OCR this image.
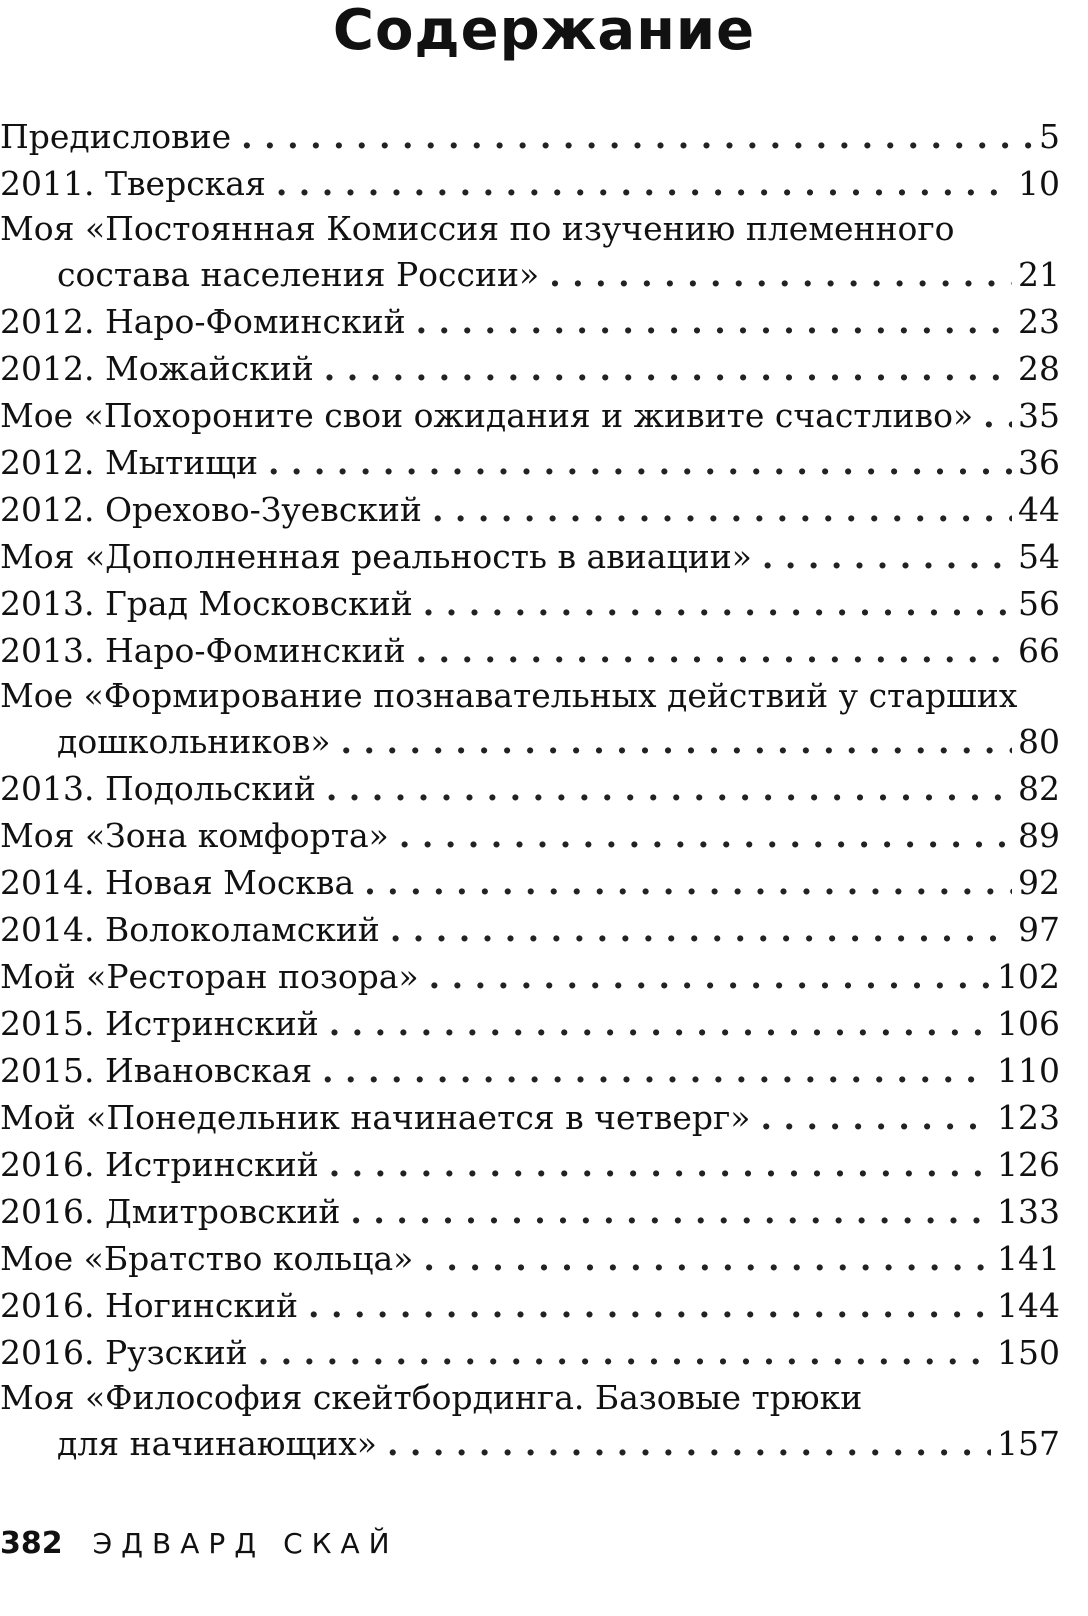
Содержание
Предисловие . . .	5
2011. Тверская . . .	10
Моя «Постоянная Комиссия по изучению племенного
состава населения России» . . .	21
2012. Наро-Фоминский . . .	23
2012. Можайский . . .	28
Мое «Похороните свои ожидания и живите счастливо» . . . 35
2012. Мытищи . . .	36
2012. Орехово-Зуевский . . .	44
Моя «Дополненная реальность в авиации» . . .	54
2013. Град Московский . . .	56
2013. Наро-Фоминский . . .	66
Мое «Формирование познавательных действий у старших
дошкольников» . . .	80
2013. Подольский . . .	82
Моя «Зона комфорта» . . .	89
2014. Новая Москва . . .	92
2014. Волоколамский . . .	97
Мой «Ресторан позора» . . .	102
2015. Истринский . . .	106
2015. Ивановская . . .	110
Мой «Понедельник начинается в четверг» . . .	123
2016. Истринский . . .	126
2016. Дмитровский . . .	133
Мое «Братство кольца» . . .	141
2016. Ногинский . . .	144
2016. Рузский . . .	150
Моя «Философия скейтбординга. Базовые трюки
для начинающих» . . .	157
382 ЭДВАРД СКАЙ
